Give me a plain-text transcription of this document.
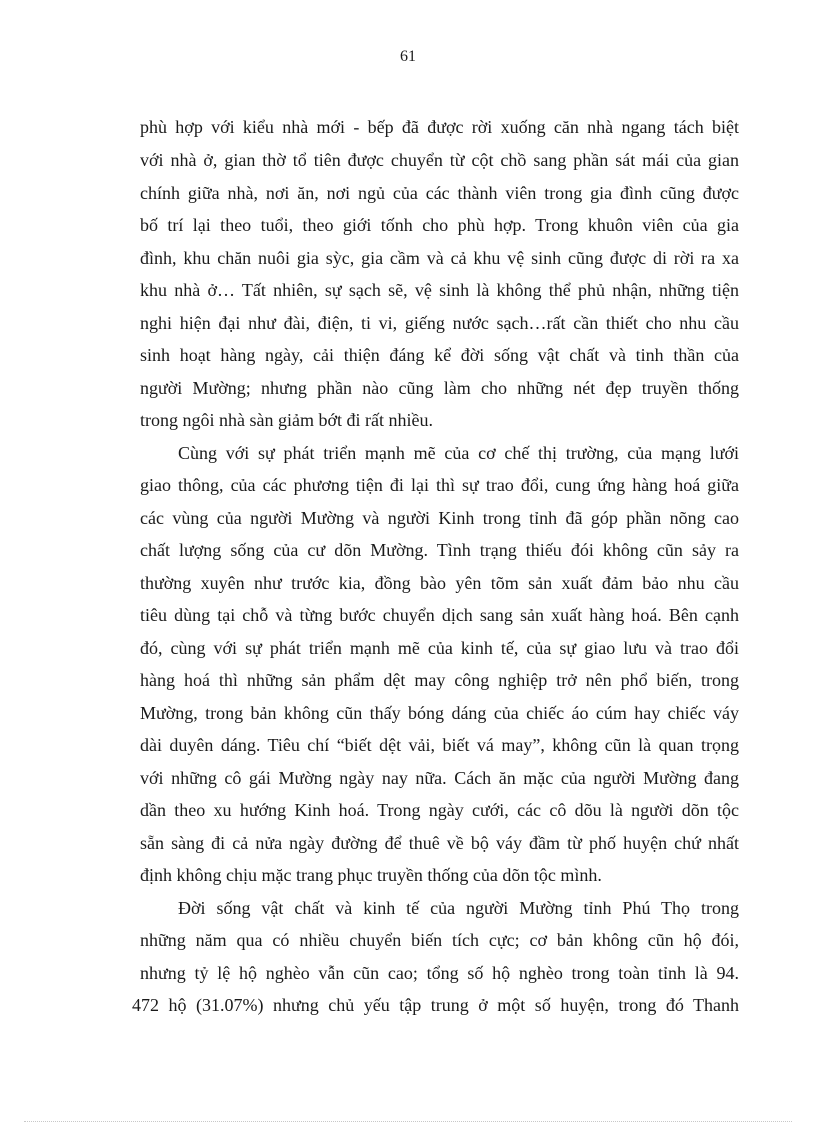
61
phù hợp với kiểu nhà mới - bếp đã được rời xuống căn nhà ngang tách biệt
với nhà ở, gian thờ tổ tiên được chuyển từ cột chồ sang phần sát mái của gian
chính giữa nhà, nơi ăn, nơi ngủ của các thành viên trong gia đình cũng được
bố trí lại theo tuổi, theo giới tốnh cho phù hợp. Trong khuôn viên của gia
đình, khu chăn nuôi gia sỳc, gia cầm và cả khu vệ sinh cũng được di rời ra xa
khu nhà ở… Tất nhiên, sự sạch sẽ, vệ sinh là không thể phủ nhận, những tiện
nghi hiện đại như đài, điện, ti vi, giếng nước sạch…rất cần thiết cho nhu cầu
sinh hoạt hàng ngày, cải thiện đáng kể đời sống vật chất và tinh thần của
người Mường; nhưng phần nào cũng làm cho những nét đẹp truyền thống
trong ngôi nhà sàn giảm bớt đi rất nhiều.
Cùng với sự phát triển mạnh mẽ của cơ chế thị trường, của mạng lưới
giao thông, của các phương tiện đi lại thì sự trao đổi, cung ứng hàng hoá giữa
các vùng của người Mường và người Kinh trong tỉnh đã góp phần nõng cao
chất lượng sống của cư dõn Mường. Tình trạng thiếu đói không cũn sảy ra
thường xuyên như trước kia, đồng bào yên tõm sản xuất đảm bảo nhu cầu
tiêu dùng tại chỗ và từng bước chuyển dịch sang sản xuất hàng hoá. Bên cạnh
đó, cùng với sự phát triển mạnh mẽ của kinh tế, của sự giao lưu và trao đổi
hàng hoá thì những sản phẩm dệt may công nghiệp trở nên phổ biến, trong
Mường, trong bản không cũn thấy bóng dáng của chiếc áo cúm hay chiếc váy
dài duyên dáng. Tiêu chí “biết dệt vải, biết vá may”, không cũn là quan trọng
với những cô gái Mường ngày nay nữa. Cách ăn mặc của người Mường đang
dần theo xu hướng Kinh hoá. Trong ngày cưới, các cô dõu là người dõn tộc
sẵn sàng đi cả nửa ngày đường để thuê về bộ váy đầm từ phố huyện chứ nhất
định không chịu mặc trang phục truyền thống của dõn tộc mình.
Đời sống vật chất và kinh tế của người Mường tỉnh Phú Thọ trong
những năm qua có nhiều chuyển biến tích cực; cơ bản không cũn hộ đói,
nhưng tỷ lệ hộ nghèo vẫn cũn cao; tổng số hộ nghèo trong toàn tỉnh là 94.
472 hộ (31.07%) nhưng chủ yếu tập trung ở một số huyện, trong đó Thanh
